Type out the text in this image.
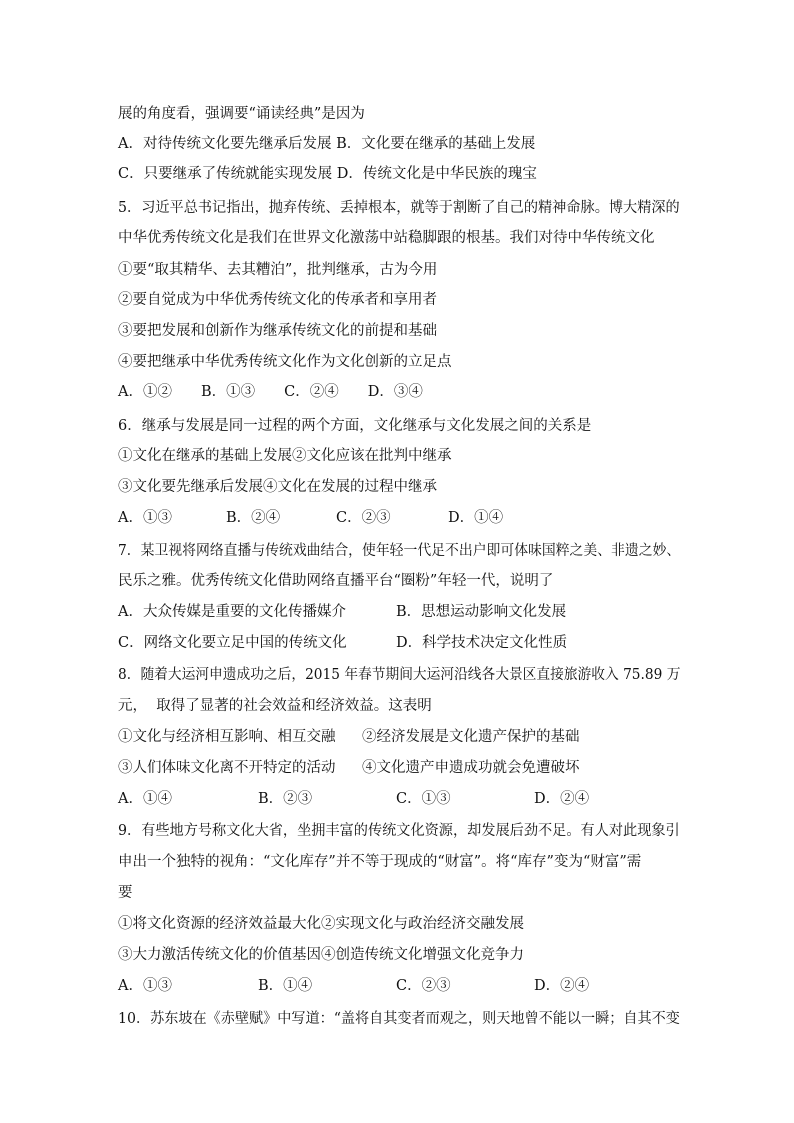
展的角度看，强调要“诵读经典”是因为
A．对待传统文化要先继承后发展 B．文化要在继承的基础上发展
C．只要继承了传统就能实现发展 D．传统文化是中华民族的瑰宝
5．习近平总书记指出，抛弃传统、丢掉根本，就等于割断了自己的精神命脉。博大精深的
中华优秀传统文化是我们在世界文化激荡中站稳脚跟的根基。我们对待中华传统文化
①要“取其精华、去其糟泊”，批判继承，古为今用
②要自觉成为中华优秀传统文化的传承者和享用者
③要把发展和创新作为继承传统文化的前提和基础
④要把继承中华优秀传统文化作为文化创新的立足点
A．①②　　B．①③　　C．②④　　D．③④
6．继承与发展是同一过程的两个方面，文化继承与文化发展之间的关系是
①文化在继承的基础上发展②文化应该在批判中继承
③文化要先继承后发展④文化在发展的过程中继承
A．①③	B．②④	C．②③	D．①④
7．某卫视将网络直播与传统戏曲结合，使年轻一代足不出户即可体味国粹之美、非遗之妙、
民乐之雅。优秀传统文化借助网络直播平台“圈粉”年轻一代，说明了
A．大众传媒是重要的文化传播媒介	B．思想运动影响文化发展
C．网络文化要立足中国的传统文化	D．科学技术决定文化性质
8．随着大运河申遗成功之后，2015 年春节期间大运河沿线各大景区直接旅游收入 75.89 万
元，  取得了显著的社会效益和经济效益。这表明
①文化与经济相互影响、相互交融 ②经济发展是文化遗产保护的基础
③人们体味文化离不开特定的活动 ④文化遗产申遗成功就会免遭破坏
A．①④	B．②③	C．①③	D．②④
9．有些地方号称文化大省，坐拥丰富的传统文化资源，却发展后劲不足。有人对此现象引
申出一个独特的视角：“文化库存”并不等于现成的“财富”。将“库存”变为“财富”需
要
①将文化资源的经济效益最大化②实现文化与政治经济交融发展
③大力激活传统文化的价值基因④创造传统文化增强文化竞争力
A．①③	B．①④	C．②③	D．②④
10．苏东坡在《赤壁赋》中写道：“盖将自其变者而观之，则天地曾不能以一瞬；自其不变
